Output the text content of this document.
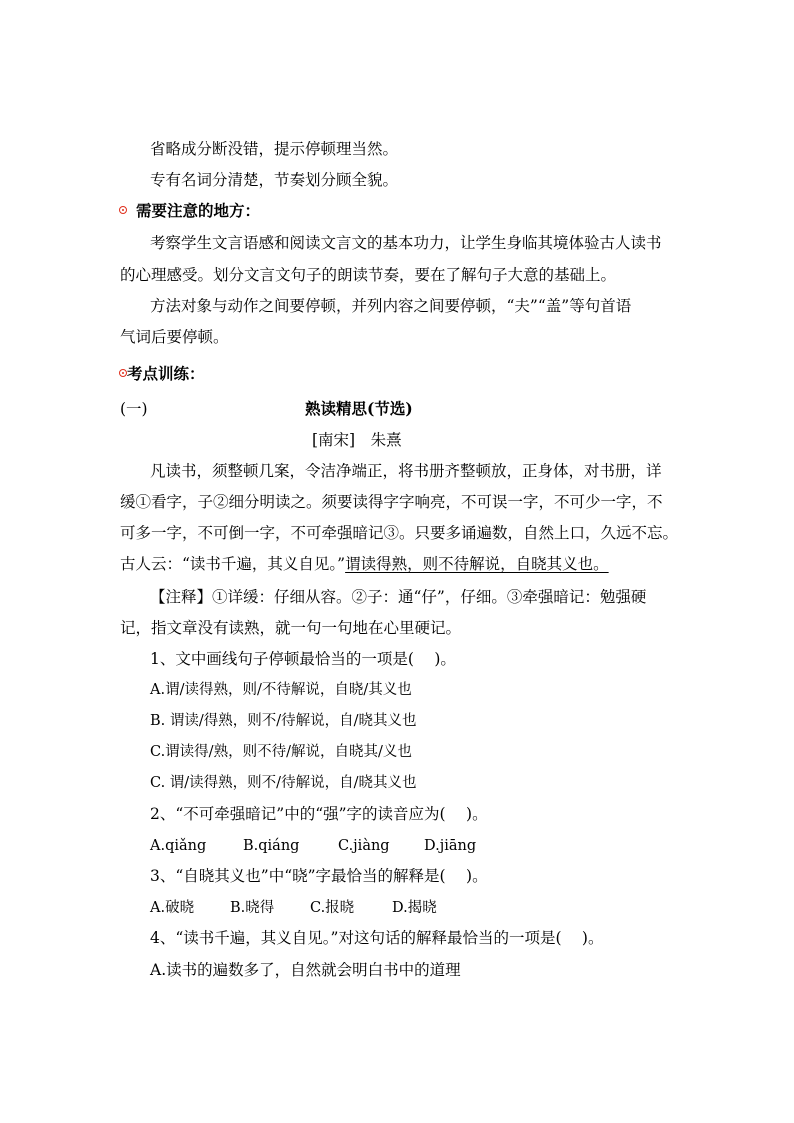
省略成分断没错，提示停顿理当然。
专有名词分清楚，节奏划分顾全貌。
需要注意的地方：
考察学生文言语感和阅读文言文的基本功力，让学生身临其境体验古人读书
的心理感受。划分文言文句子的朗读节奏，要在了解句子大意的基础上。
方法对象与动作之间要停顿，并列内容之间要停顿，“夫”“盖”等句首语
气词后要停顿。
考点训练：
(一)	熟读精思(节选)
[南宋]　朱熹
凡读书，须整顿几案，令洁净端正，将书册齐整顿放，正身体，对书册，详
缓①看字，子②细分明读之。须要读得字字响亮，不可误一字，不可少一字，不
可多一字，不可倒一字，不可牵强暗记③。只要多诵遍数，自然上口，久远不忘。
古人云：“读书千遍，其义自见。”谓读得熟，则不待解说，自晓其义也。
【注释】①详缓：仔细从容。②子：通“仔”，仔细。③牵强暗记：勉强硬
记，指文章没有读熟，就一句一句地在心里硬记。
1、文中画线句子停顿最恰当的一项是(　 )。
A.谓/读得熟，则/不待解说，自晓/其义也
B. 谓读/得熟，则不/待解说，自/晓其义也
C.谓读得/熟，则不待/解说，自晓其/义也
C. 谓/读得熟，则不/待解说，自/晓其义也
2、“不可牵强暗记”中的“强”字的读音应为(　 )。
A.qiǎng	B.qiáng	C.jiàng D.jiāng
3、“自晓其义也”中“晓”字最恰当的解释是(　 )。
A.破晓 B.晓得 C.报晓	D.揭晓
4、“读书千遍，其义自见。”对这句话的解释最恰当的一项是(　 )。
A.读书的遍数多了，自然就会明白书中的道理
